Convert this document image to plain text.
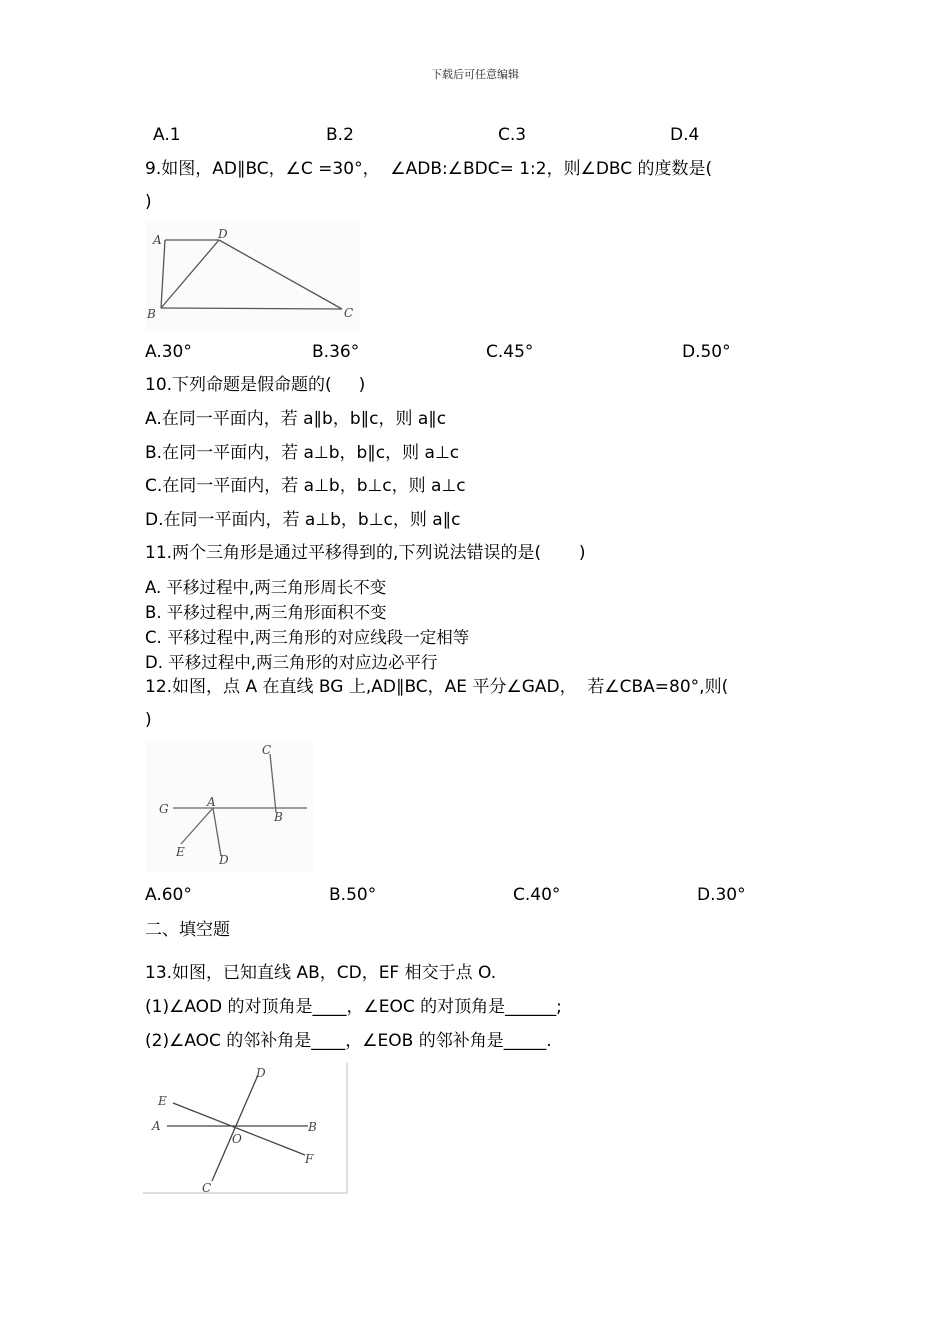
下载后可任意编辑
A.1	B.2	C.3	D.4
9.如图，AD∥BC，∠C =30°，  ∠ADB:∠BDC= 1:2，则∠DBC 的度数是(
)
A	D
B	C
A.30°	B.36°	C.45°	D.50°
10.下列命题是假命题的(     )
A.在同一平面内，若 a∥b，b∥c，则 a∥c
B.在同一平面内，若 a⊥b，b∥c，则 a⊥c
C.在同一平面内，若 a⊥b，b⊥c，则 a⊥c
D.在同一平面内，若 a⊥b，b⊥c，则 a∥c
11.两个三角形是通过平移得到的,下列说法错误的是(       )
A. 平移过程中,两三角形周长不变
B. 平移过程中,两三角形面积不变
C. 平移过程中,两三角形的对应线段一定相等
D. 平移过程中,两三角形的对应边必平行
12.如图，点 A 在直线 BG 上,AD∥BC，AE 平分∠GAD，  若∠CBA=80°,则(
)
C
G	A
B
E
D
A.60°	B.50°	C.40°	D.30°
二、填空题
13.如图，已知直线 AB，CD，EF 相交于点 O.
(1)∠AOD 的对顶角是____，∠EOC 的对顶角是______;
(2)∠AOC 的邻补角是____，∠EOB 的邻补角是_____.
D
E
A
O
B
F
C
